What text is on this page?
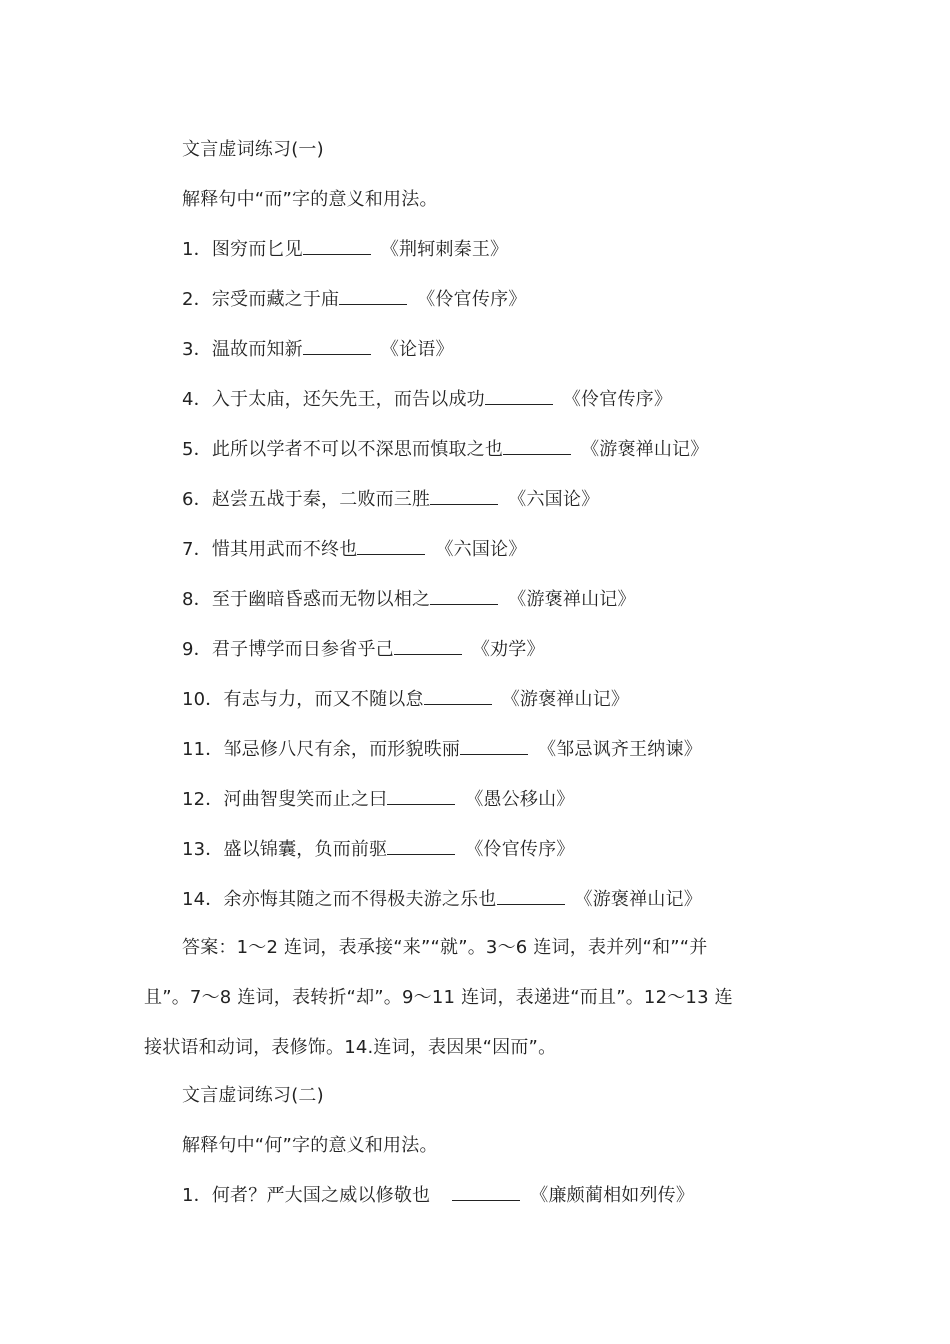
文言虚词练习(一)
解释句中“而”字的意义和用法。
1．图穷而匕见	《荆轲刺秦王》
2．宗受而藏之于庙	《伶官传序》
3．温故而知新	《论语》
4．入于太庙，还矢先王，而告以成功	《伶官传序》
5．此所以学者不可以不深思而慎取之也	《游褒禅山记》
6．赵尝五战于秦，二败而三胜	《六国论》
7．惜其用武而不终也	《六国论》
8．至于幽暗昏惑而无物以相之	《游褒禅山记》
9．君子博学而日参省乎己	《劝学》
10．有志与力，而又不随以怠	《游褒禅山记》
11．邹忌修八尺有余，而形貌昳丽	《邹忌讽齐王纳谏》
12．河曲智叟笑而止之曰	《愚公移山》
13．盛以锦囊，负而前驱	《伶官传序》
14．余亦悔其随之而不得极夫游之乐也	《游褒禅山记》
答案：1～2 连词，表承接“来”“就”。3～6 连词，表并列“和”“并
且”。7～8 连词，表转折“却”。9～11 连词，表递进“而且”。12～13 连
接状语和动词，表修饰。14.连词，表因果“因而”。
文言虚词练习(二)
解释句中“何”字的意义和用法。
1．何者？严大国之威以修敬也	《廉颇蔺相如列传》
